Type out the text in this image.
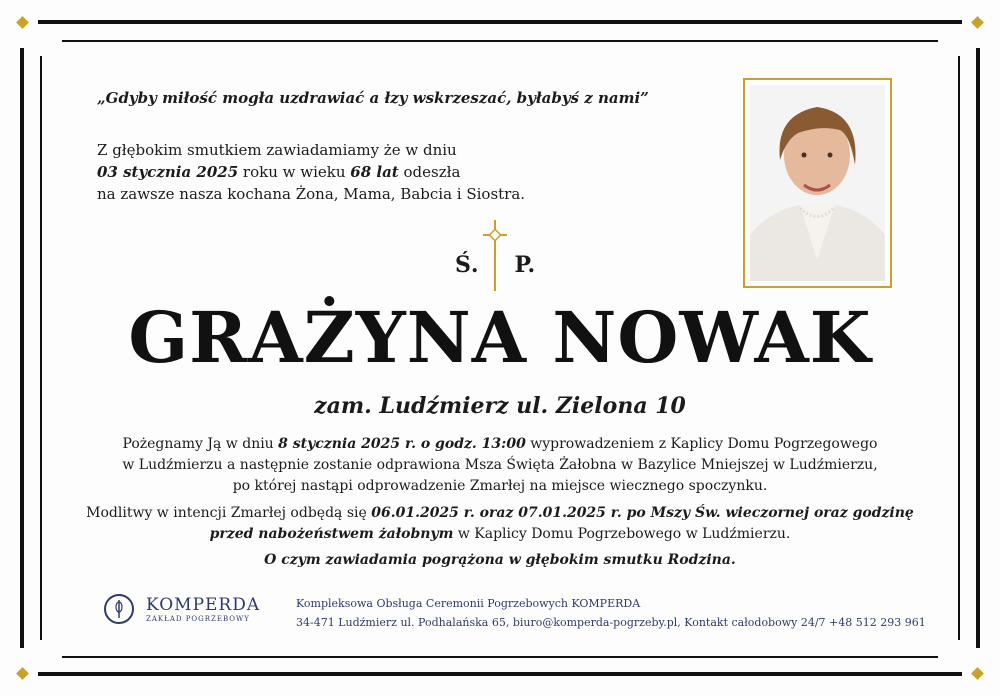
„Gdyby miłość mogła uzdrawiać a łzy wskrzeszać, byłabyś z nami”

Z głębokim smutkiem zawiadamiamy że w dniu
03 stycznia 2025 roku w wieku 68 lat odeszła
na zawsze nasza kochana Żona, Mama, Babcia i Siostra.

Ś. P.

GRAŻYNA NOWAK

zam. Ludźmierz ul. Zielona 10

Pożegnamy Ją w dniu 8 stycznia 2025 r. o godz. 13:00 wyprowadzeniem z Kaplicy Domu Pogrzegowego
w Ludźmierzu a następnie zostanie odprawiona Msza Święta Żałobna w Bazylice Mniejszej w Ludźmierzu,
po której nastąpi odprowadzenie Zmarłej na miejsce wiecznego spoczynku.

Modlitwy w intencji Zmarłej odbędą się 06.01.2025 r. oraz 07.01.2025 r. po Mszy Św. wieczornej oraz godzinę
przed nabożeństwem żałobnym w Kaplicy Domu Pogrzebowego w Ludźmierzu.

O czym zawiadamia pogrążona w głębokim smutku Rodzina.

KOMPERDA

ZAKŁAD POGRZEBOWY

Kompleksowa Obsługa Ceremonii Pogrzebowych KOMPERDA
34-471 Ludźmierz ul. Podhalańska 65, biuro@komperda-pogrzeby.pl, Kontakt całodobowy 24/7 +48 512 293 961
